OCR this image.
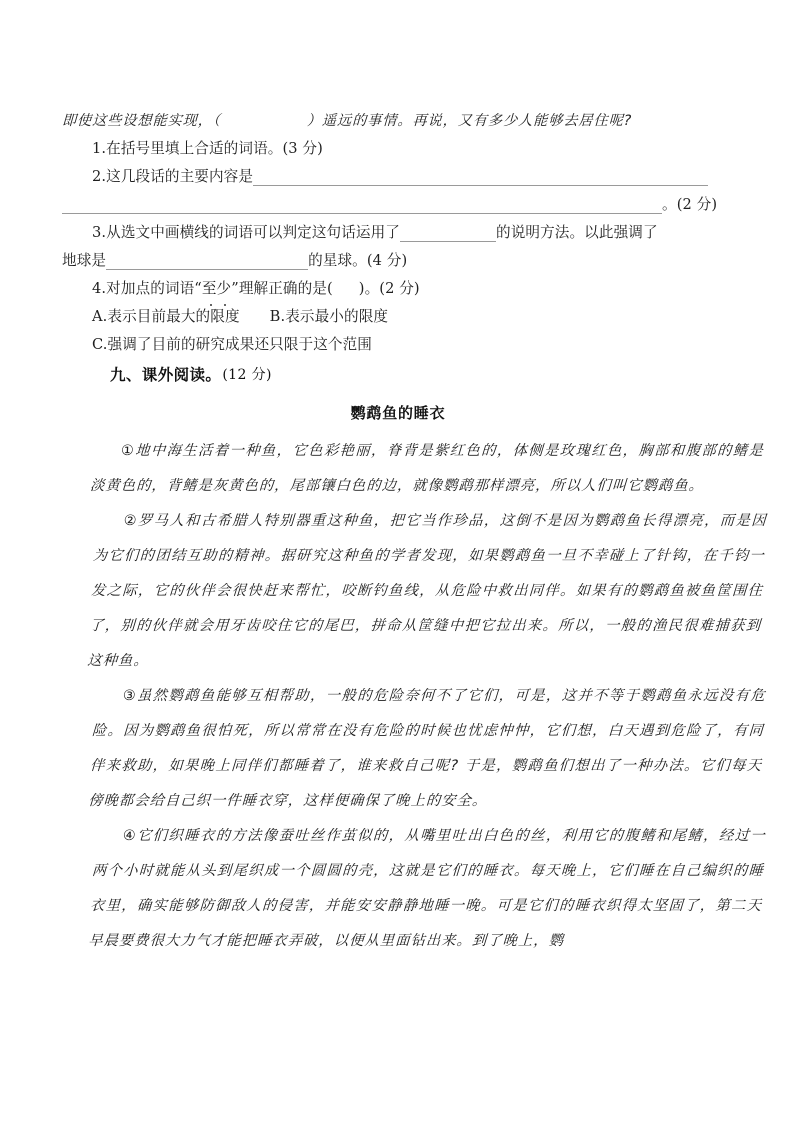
即使这些设想能实现，（	）遥远的事情。再说，又有多少人能够去居住呢?
1. 在括号里填上合适的词语。 (3 分)
2. 这几段话的主要内容是
。 (2 分)
3. 从选文中画横线的词语可以判定这句话运用了	的说明方法。以此强调了
地球是	的星球。 (4 分)
4. 对加点的词语 “ 至少 ” 理解正确的是( )。 (2 分)
A. 表示目前最大的限度 B. 表示最小的限度
C. 强调了目前的研究成果还只限于这个范围
九、课外阅读。 (12 分)
鹦鹉鱼的睡衣

①地中海生活着一种鱼，它色彩艳丽，脊背是紫红色的，体侧是玫瑰红色，胸部和腹部的鳍是淡黄色的，背鳍是灰黄色的，尾部镶白色的边，就像鹦鹉那样漂亮，所以人们叫它鹦鹉鱼。

②罗马人和古希腊人特别器重这种鱼，把它当作珍品，这倒不是因为鹦鹉鱼长得漂亮，而是因为它们的团结互助的精神。据研究这种鱼的学者发现，如果鹦鹉鱼一旦不幸碰上了针钩，在千钧一发之际，它的伙伴会很快赶来帮忙，咬断钓鱼线，从危险中救出同伴。如果有的鹦鹉鱼被鱼筐围住了，别的伙伴就会用牙齿咬住它的尾巴，拼命从筐缝中把它拉出来。所以，一般的渔民很难捕获到这种鱼。

③虽然鹦鹉鱼能够互相帮助，一般的危险奈何不了它们，可是，这并不等于鹦鹉鱼永远没有危险。因为鹦鹉鱼很怕死，所以常常在没有危险的时候也忧虑忡忡，它们想，白天遇到危险了，有同伴来救助，如果晚上同伴们都睡着了，谁来救自己呢? 于是，鹦鹉鱼们想出了一种办法。它们每天傍晚都会给自己织一件睡衣穿，这样便确保了晚上的安全。

④它们织睡衣的方法像蚕吐丝作茧似的，从嘴里吐出白色的丝，利用它的腹鳍和尾鳍，经过一两个小时就能从头到尾织成一个圆圆的壳，这就是它们的睡衣。每天晚上，它们睡在自己编织的睡衣里，确实能够防御敌人的侵害，并能安安静静地睡一晚。可是它们的睡衣织得太坚固了，第二天早晨要费很大力气才能把睡衣弄破，以便从里面钻出来。到了晚上，鹦
